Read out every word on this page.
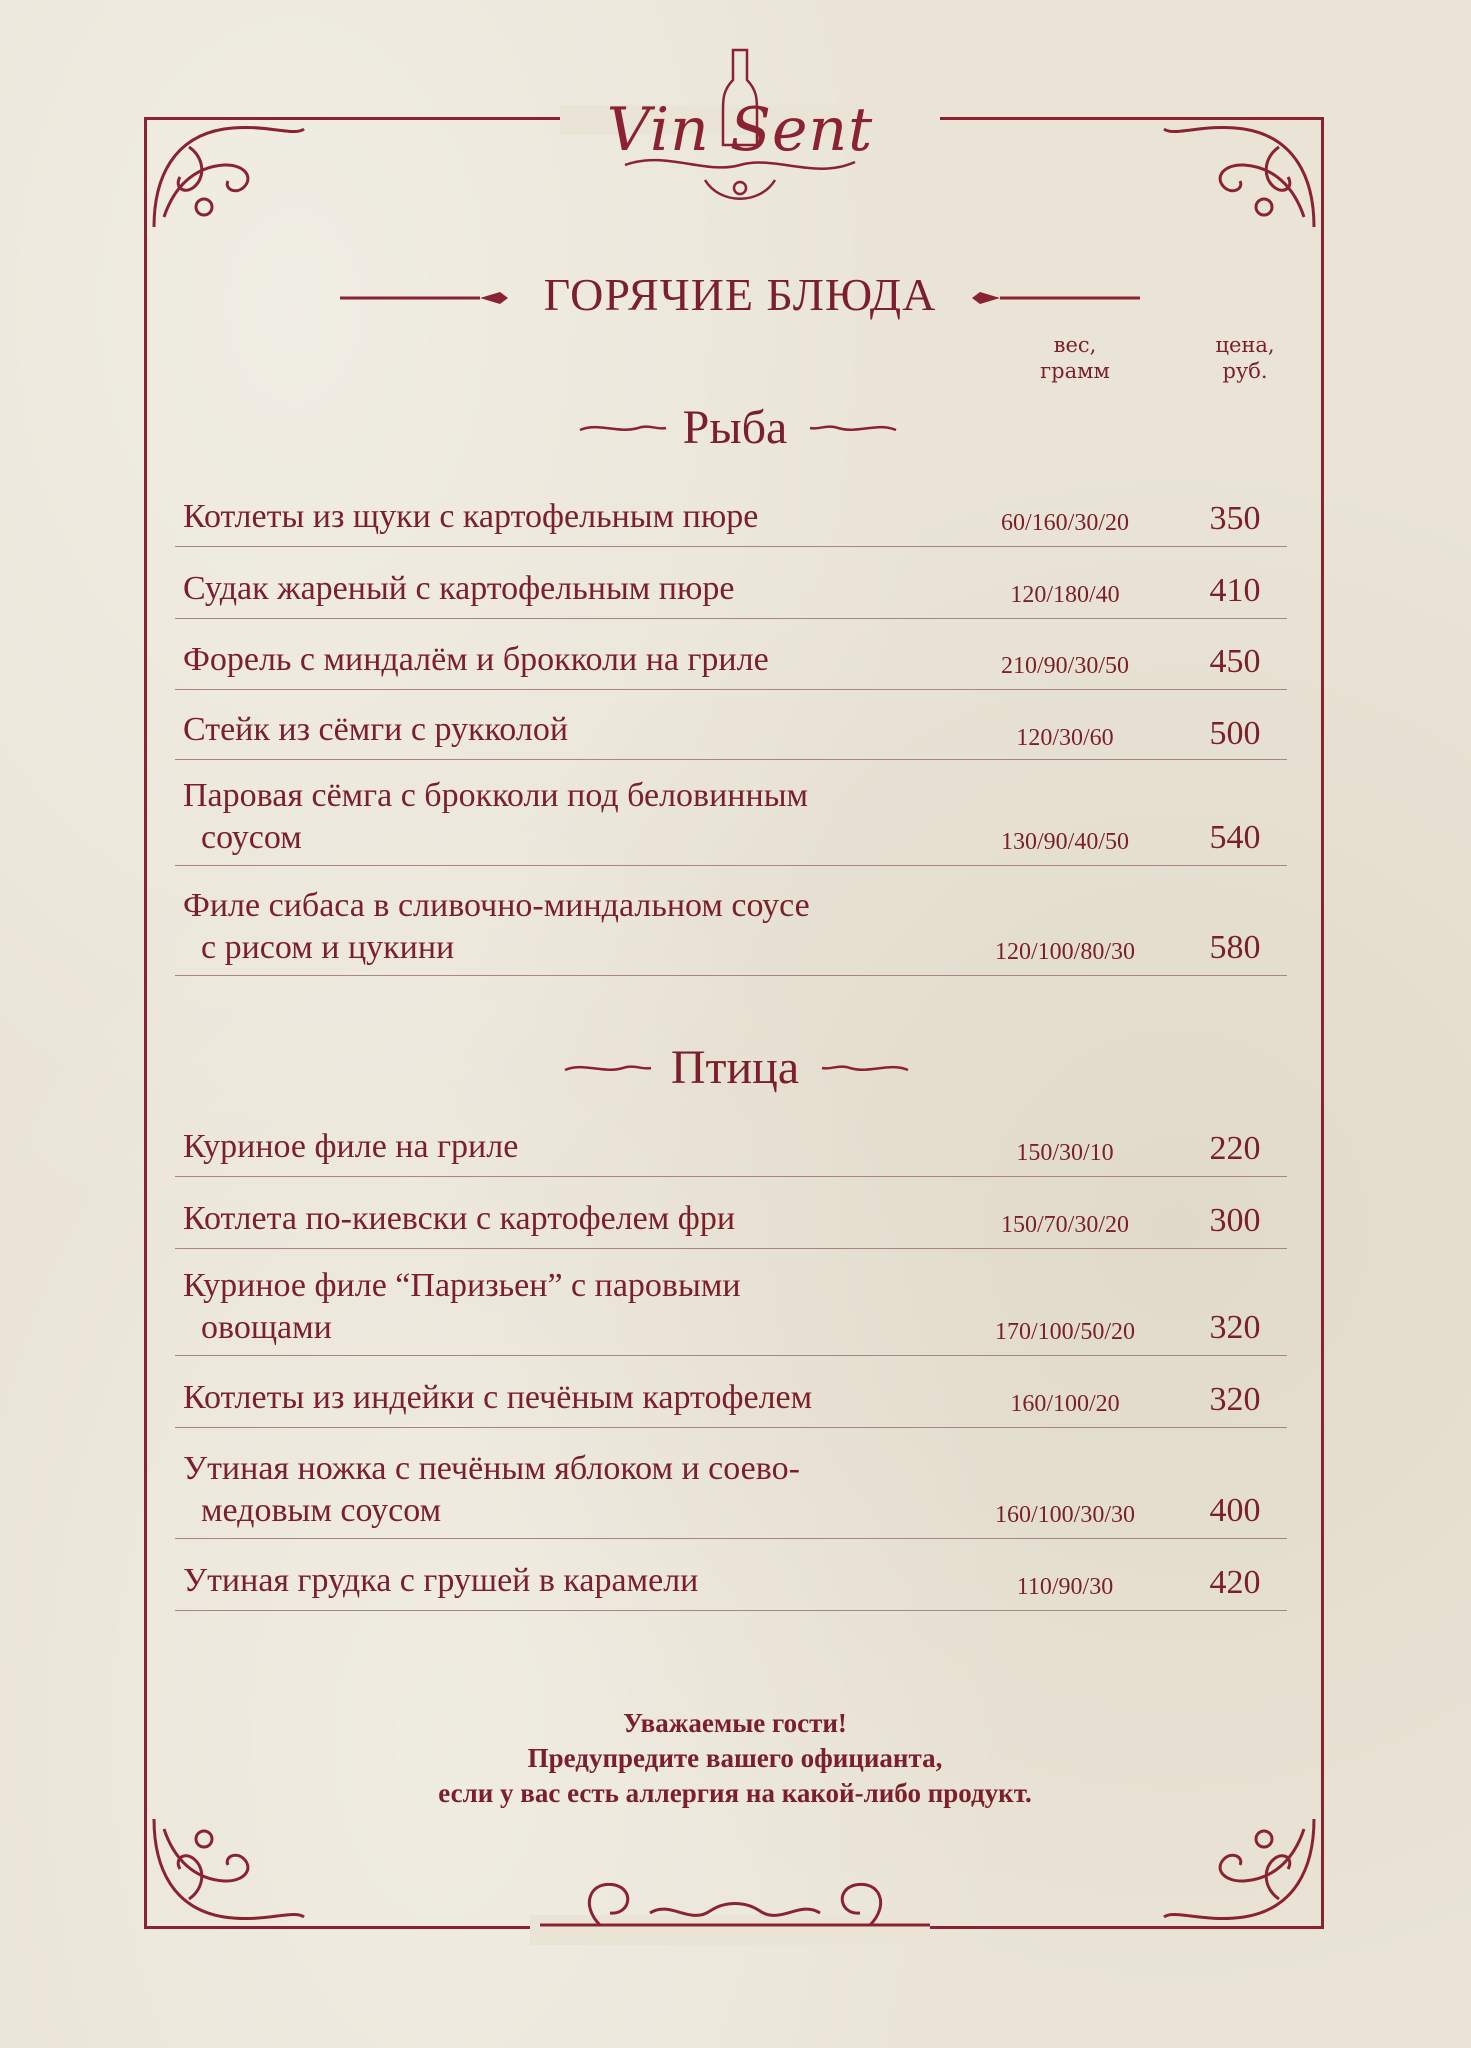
Vin Sent
ГОРЯЧИЕ БЛЮДА
вес,
грамм
цена,
руб.
Рыба
Котлеты из щуки с картофельным пюре	60/160/30/20	350
Судак жареный с картофельным пюре	120/180/40	410
Форель с миндалём и брокколи на гриле	210/90/30/50	450
Стейк из сёмги с рукколой	120/30/60	500
Паровая сёмга с брокколи под беловинным
соусом	130/90/40/50	540
Филе сибаса в сливочно-миндальном соусе
с рисом и цукини	120/100/80/30	580
Птица
Куриное филе на гриле	150/30/10	220
Котлета по-киевски с картофелем фри	150/70/30/20	300
Куриное филе “Паризьен” с паровыми
овощами	170/100/50/20	320
Котлеты из индейки с печёным картофелем	160/100/20	320
Утиная ножка с печёным яблоком и соево-
медовым соусом	160/100/30/30	400
Утиная грудка с грушей в карамели	110/90/30	420
Уважаемые гости!
Предупредите вашего официанта,
если у вас есть аллергия на какой-либо продукт.
